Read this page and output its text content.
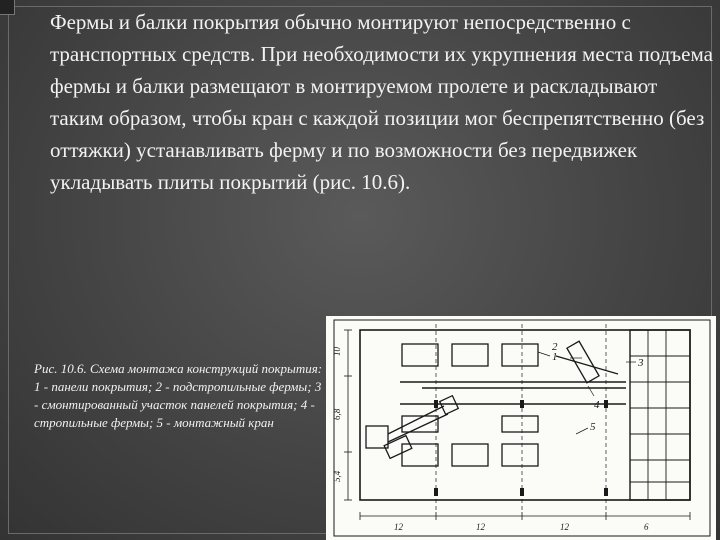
Фермы и балки покрытия обычно монтируют непосредственно с транспортных средств. При необходимости их укрупнения места подъема фермы и балки размещают в монтируемом пролете и раскладывают таким образом, чтобы кран с каждой позиции мог беспрепятственно (без оттяжки) устанавливать ферму и по возможности без передвижек укладывать плиты покрытий (рис. 10.6).

Рис. 10.6. Схема монтажа конструкций покрытия: 1 - панели покрытия; 2 - подстропильные фермы; 3 - смонтированный участок панелей покрытия; 4 - стропильные фермы; 5 - монтажный кран

1
2
3
4
5
10
6,8
5,4
12	12	12	6
